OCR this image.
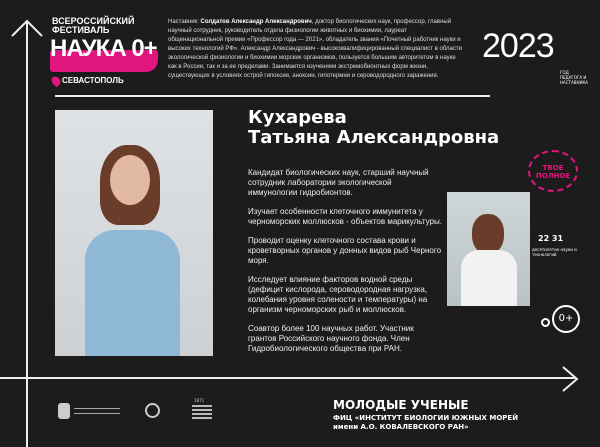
ВСЕРОССИЙСКИЙ
ФЕСТИВАЛЬ
НАУКА 0+
СЕВАСТОПОЛЬ
Наставник: Солдатов Александр Александрович, доктор биологических наук, профессор, главный научный сотрудник, руководитель отдела физиологии животных и биохимии, лауреат общенациональной премии «Профессор года — 2021», обладатель звания «Почетный работник науки и высоких технологий РФ». Александр Александрович - высококвалифицированный специалист в области экологической физиологии и биохимии морских организмов, пользуется большим авторитетом в науке как в России, так и за ее пределами. Занимается изучением экстремобионтных форм жизни, существующих в условиях острой гипоксии, аноксии, гипотермии и сероводородного заражения.
2023
ГОД ПЕДАГОГА И НАСТАВНИКА
Кухарева
Татьяна Александровна

Кандидат биологических наук, старший научный сотрудник лаборатории экологической иммунологии гидробионтов.

Изучает особенности клеточного иммунитета у черноморских моллюсков - объектов марикультуры.

Проводит оценку клеточного состава крови и кроветворных органов у донных видов рыб Черного моря.

Исследует влияние факторов водной среды (дефицит кислорода, сероводородная нагрузка, колебания уровня солености и температуры) на организм черноморских рыб и моллюсков.

Соавтор более 100 научных работ. Участник грантов Российского научного фонда. Член Гидробиологического общества при РАН.

ТВОЕ ПОЛНОЕ
22 31
десятилетие науки и технологий
0+
1871	МОЛОДЫЕ УЧЕНЫЕ
ФИЦ «ИНСТИТУТ БИОЛОГИИ ЮЖНЫХ МОРЕЙ
имени А.О. КОВАЛЕВСКОГО РАН»
